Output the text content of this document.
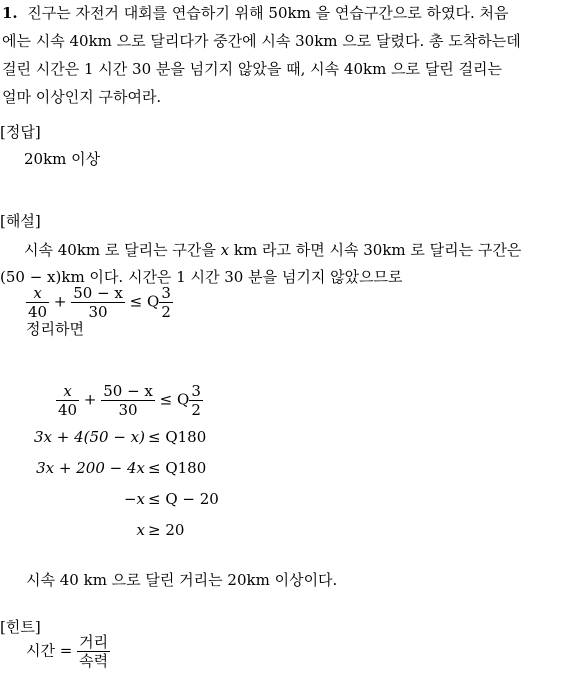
1. 진구는 자전거 대회를 연습하기 위해 50km 을 연습구간으로 하였다. 처음
에는 시속 40km 으로 달리다가 중간에 시속 30km 으로 달렸다. 총 도착하는데
걸린 시간은 1 시간 30 분을 넘기지 않았을 때, 시속 40km 으로 달린 걸리는
얼마 이상인지 구하여라.
[정답]
20km 이상
[해설]
시속 40km 로 달리는 구간을 x km 라고 하면 시속 30km 로 달리는 구간은
(50 − x)km 이다. 시간은 1 시간 30 분을 넘기지 않았으므로
$\frac{x}{40} + \frac{50 - x}{30} \le Q \frac{3}{2}$
정리하면
$\frac{x}{40} + \frac{50 - x}{30} \le Q \frac{3}{2}$
3x + 4(50 − x) ≤ Q180
3x + 200 − 4x ≤ Q180
−x ≤ Q − 20
x ≥ 20
시속 40 km 으로 달린 거리는 20km 이상이다.
[힌트]
시간 = $\frac{\text{거리}}{\text{속력}}$
